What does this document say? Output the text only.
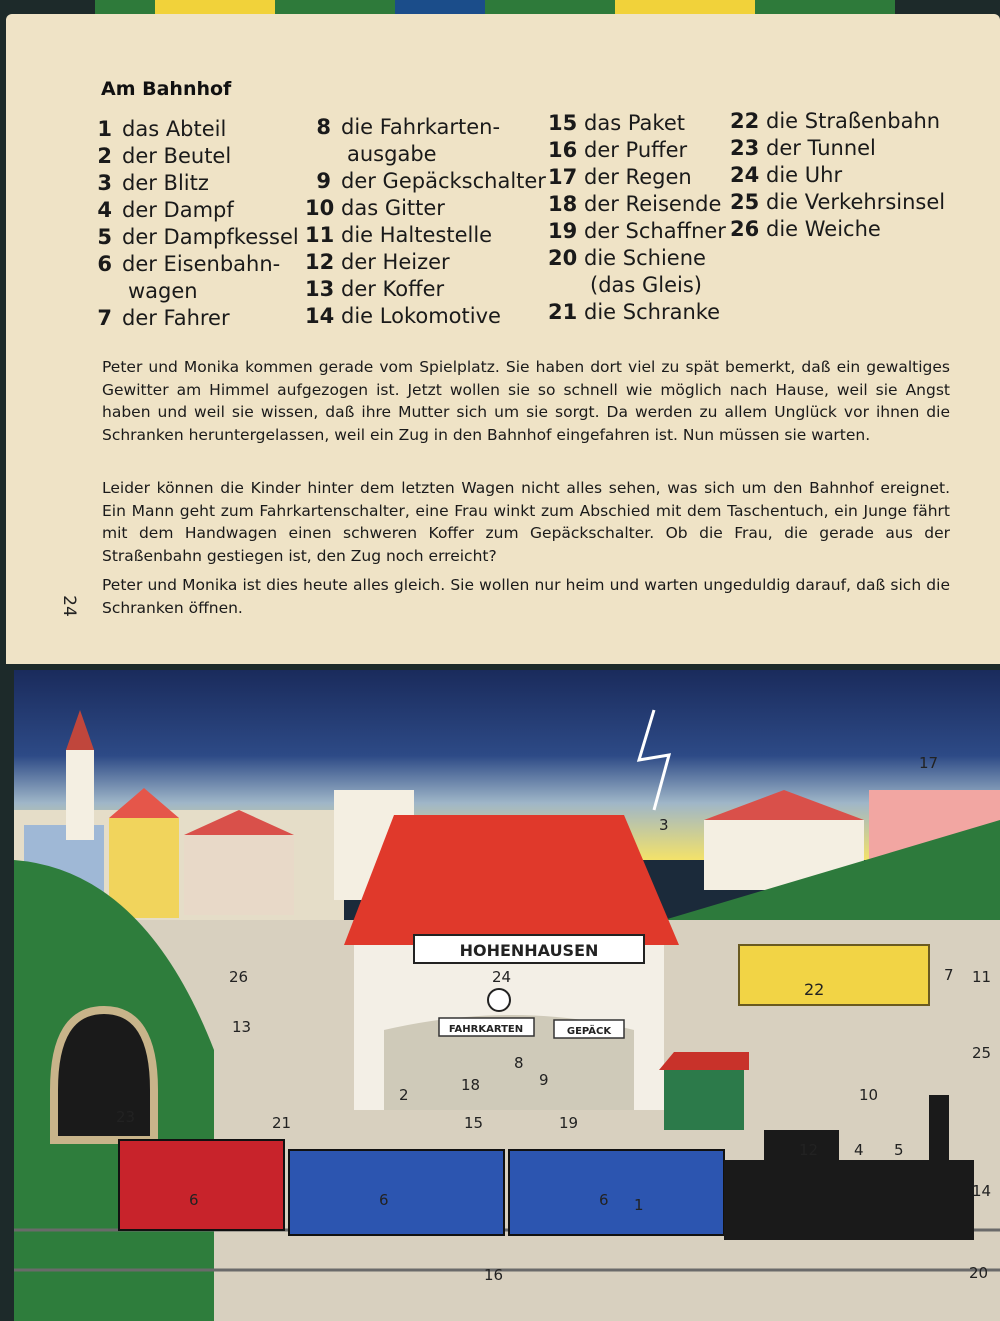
Am Bahnhof
1 das Abteil
2 der Beutel
3 der Blitz
4 der Dampf
5 der Dampfkessel
6 der Eisenbahn-
wagen
7 der Fahrer
8 die Fahrkarten-
ausgabe
9 der Gepäckschalter
10 das Gitter
11 die Haltestelle
12 der Heizer
13 der Koffer
14 die Lokomotive
15 das Paket
16 der Puffer
17 der Regen
18 der Reisende
19 der Schaffner
20 die Schiene
(das Gleis)
21 die Schranke
22 die Straßenbahn
23 der Tunnel
24 die Uhr
25 die Verkehrsinsel
26 die Weiche

Peter und Monika kommen gerade vom Spielplatz. Sie haben dort viel zu spät bemerkt, daß ein gewaltiges Gewitter am Himmel aufgezogen ist. Jetzt wollen sie so schnell wie möglich nach Hause, weil sie Angst haben und weil sie wissen, daß ihre Mutter sich um sie sorgt. Da werden zu allem Unglück vor ihnen die Schranken heruntergelassen, weil ein Zug in den Bahnhof eingefahren ist. Nun müssen sie warten.

Leider können die Kinder hinter dem letzten Wagen nicht alles sehen, was sich um den Bahnhof ereignet. Ein Mann geht zum Fahrkartenschalter, eine Frau winkt zum Abschied mit dem Taschentuch, ein Junge fährt mit dem Handwagen einen schweren Koffer zum Gepäckschalter. Ob die Frau, die gerade aus der Straßenbahn gestiegen ist, den Zug noch erreicht?

Peter und Monika ist dies heute alles gleich. Sie wollen nur heim und warten ungeduldig darauf, daß sich die Schranken öffnen.

24
HOHENHAUSEN
FAHRKARTEN	GEPÄCK
22
1
2
3
4 5
6	6	6
7
8
9
10
11
12
13
14
15
16
17
18
19
20
21
23
24
25
26
